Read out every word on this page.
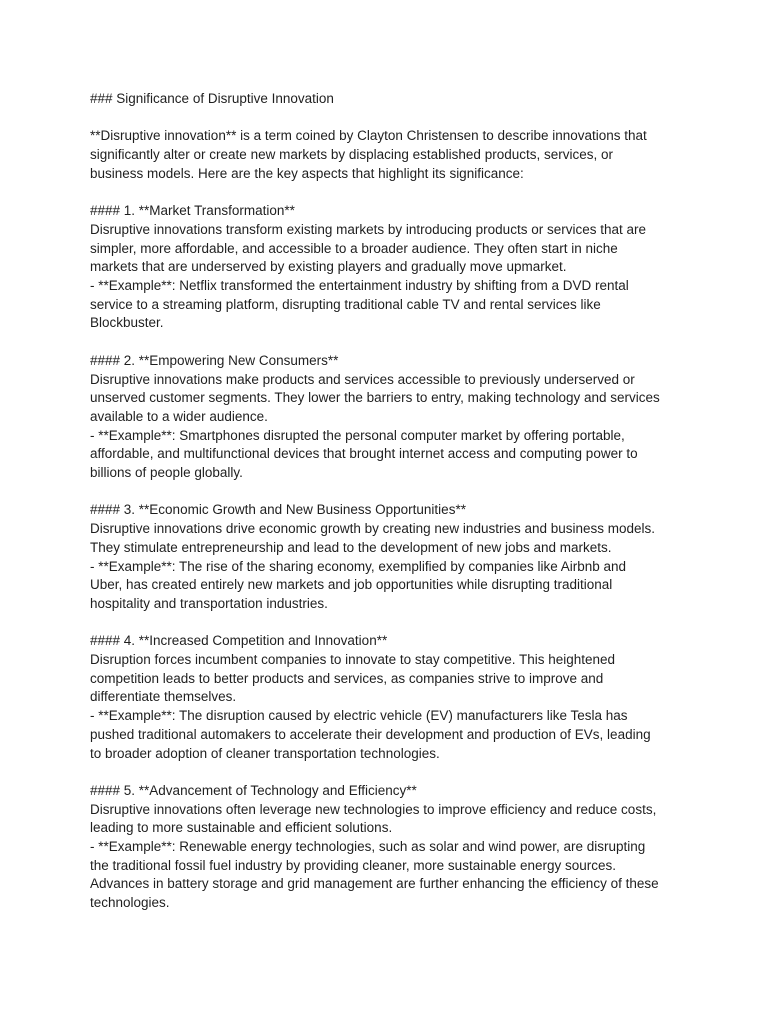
### Significance of Disruptive Innovation

**Disruptive innovation** is a term coined by Clayton Christensen to describe innovations that

significantly alter or create new markets by displacing established products, services, or

business models. Here are the key aspects that highlight its significance:

#### 1. **Market Transformation**

Disruptive innovations transform existing markets by introducing products or services that are

simpler, more affordable, and accessible to a broader audience. They often start in niche

markets that are underserved by existing players and gradually move upmarket.

- **Example**: Netflix transformed the entertainment industry by shifting from a DVD rental

service to a streaming platform, disrupting traditional cable TV and rental services like

Blockbuster.

#### 2. **Empowering New Consumers**

Disruptive innovations make products and services accessible to previously underserved or

unserved customer segments. They lower the barriers to entry, making technology and services

available to a wider audience.

- **Example**: Smartphones disrupted the personal computer market by offering portable,

affordable, and multifunctional devices that brought internet access and computing power to

billions of people globally.

#### 3. **Economic Growth and New Business Opportunities**

Disruptive innovations drive economic growth by creating new industries and business models.

They stimulate entrepreneurship and lead to the development of new jobs and markets.

- **Example**: The rise of the sharing economy, exemplified by companies like Airbnb and

Uber, has created entirely new markets and job opportunities while disrupting traditional

hospitality and transportation industries.

#### 4. **Increased Competition and Innovation**

Disruption forces incumbent companies to innovate to stay competitive. This heightened

competition leads to better products and services, as companies strive to improve and

differentiate themselves.

- **Example**: The disruption caused by electric vehicle (EV) manufacturers like Tesla has

pushed traditional automakers to accelerate their development and production of EVs, leading

to broader adoption of cleaner transportation technologies.

#### 5. **Advancement of Technology and Efficiency**

Disruptive innovations often leverage new technologies to improve efficiency and reduce costs,

leading to more sustainable and efficient solutions.

- **Example**: Renewable energy technologies, such as solar and wind power, are disrupting

the traditional fossil fuel industry by providing cleaner, more sustainable energy sources.

Advances in battery storage and grid management are further enhancing the efficiency of these

technologies.
